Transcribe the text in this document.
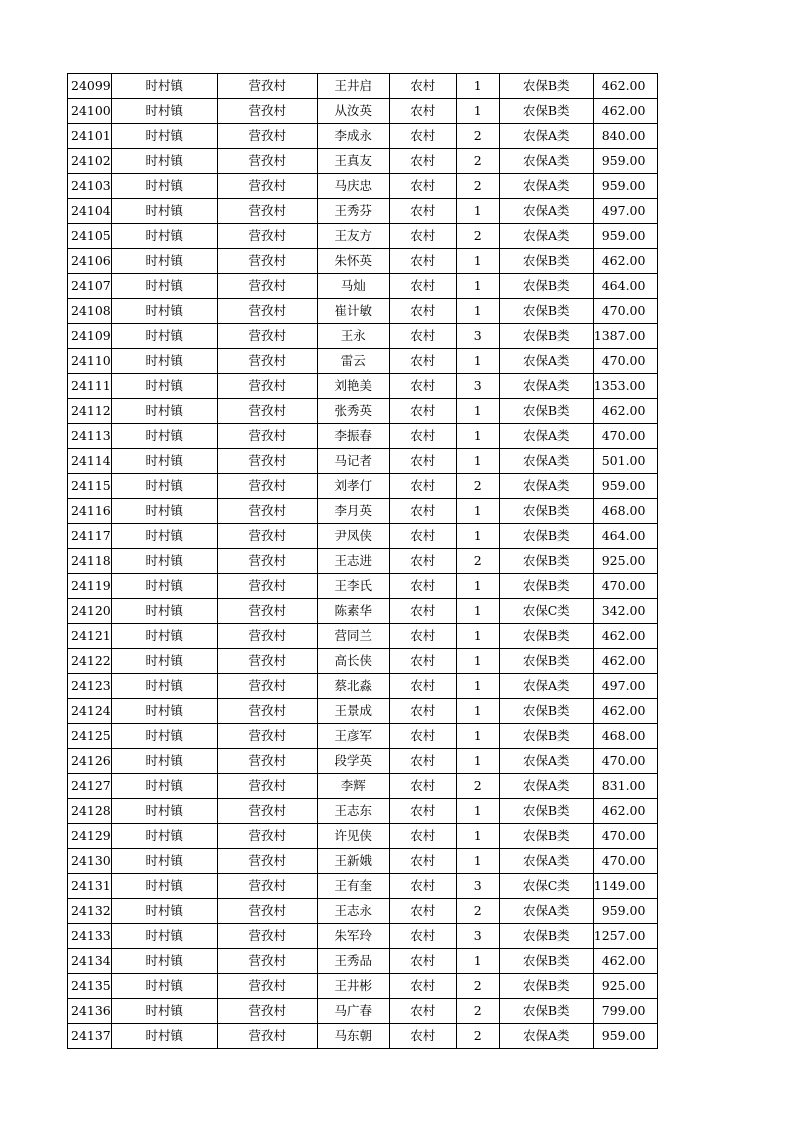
24099	时村镇	营孜村	王井启	农村	1	农保B类	462.00
24100	时村镇	营孜村	从汝英	农村	1	农保B类	462.00
24101	时村镇	营孜村	李成永	农村	2	农保A类	840.00
24102	时村镇	营孜村	王真友	农村	2	农保A类	959.00
24103	时村镇	营孜村	马庆忠	农村	2	农保A类	959.00
24104	时村镇	营孜村	王秀芬	农村	1	农保A类	497.00
24105	时村镇	营孜村	王友方	农村	2	农保A类	959.00
24106	时村镇	营孜村	朱怀英	农村	1	农保B类	462.00
24107	时村镇	营孜村	马灿	农村	1	农保B类	464.00
24108	时村镇	营孜村	崔计敏	农村	1	农保B类	470.00
24109	时村镇	营孜村	王永	农村	3	农保B类	1387.00
24110	时村镇	营孜村	雷云	农村	1	农保A类	470.00
24111	时村镇	营孜村	刘艳美	农村	3	农保A类	1353.00
24112	时村镇	营孜村	张秀英	农村	1	农保B类	462.00
24113	时村镇	营孜村	李振春	农村	1	农保A类	470.00
24114	时村镇	营孜村	马记者	农村	1	农保A类	501.00
24115	时村镇	营孜村	刘孝仃	农村	2	农保A类	959.00
24116	时村镇	营孜村	李月英	农村	1	农保B类	468.00
24117	时村镇	营孜村	尹凤侠	农村	1	农保B类	464.00
24118	时村镇	营孜村	王志进	农村	2	农保B类	925.00
24119	时村镇	营孜村	王李氏	农村	1	农保B类	470.00
24120	时村镇	营孜村	陈素华	农村	1	农保C类	342.00
24121	时村镇	营孜村	营同兰	农村	1	农保B类	462.00
24122	时村镇	营孜村	高长侠	农村	1	农保B类	462.00
24123	时村镇	营孜村	蔡北淼	农村	1	农保A类	497.00
24124	时村镇	营孜村	王景成	农村	1	农保B类	462.00
24125	时村镇	营孜村	王彦军	农村	1	农保B类	468.00
24126	时村镇	营孜村	段学英	农村	1	农保A类	470.00
24127	时村镇	营孜村	李辉	农村	2	农保A类	831.00
24128	时村镇	营孜村	王志东	农村	1	农保B类	462.00
24129	时村镇	营孜村	许见侠	农村	1	农保B类	470.00
24130	时村镇	营孜村	王新娥	农村	1	农保A类	470.00
24131	时村镇	营孜村	王有奎	农村	3	农保C类	1149.00
24132	时村镇	营孜村	王志永	农村	2	农保A类	959.00
24133	时村镇	营孜村	朱军玲	农村	3	农保B类	1257.00
24134	时村镇	营孜村	王秀品	农村	1	农保B类	462.00
24135	时村镇	营孜村	王井彬	农村	2	农保B类	925.00
24136	时村镇	营孜村	马广春	农村	2	农保B类	799.00
24137	时村镇	营孜村	马东朝	农村	2	农保A类	959.00
